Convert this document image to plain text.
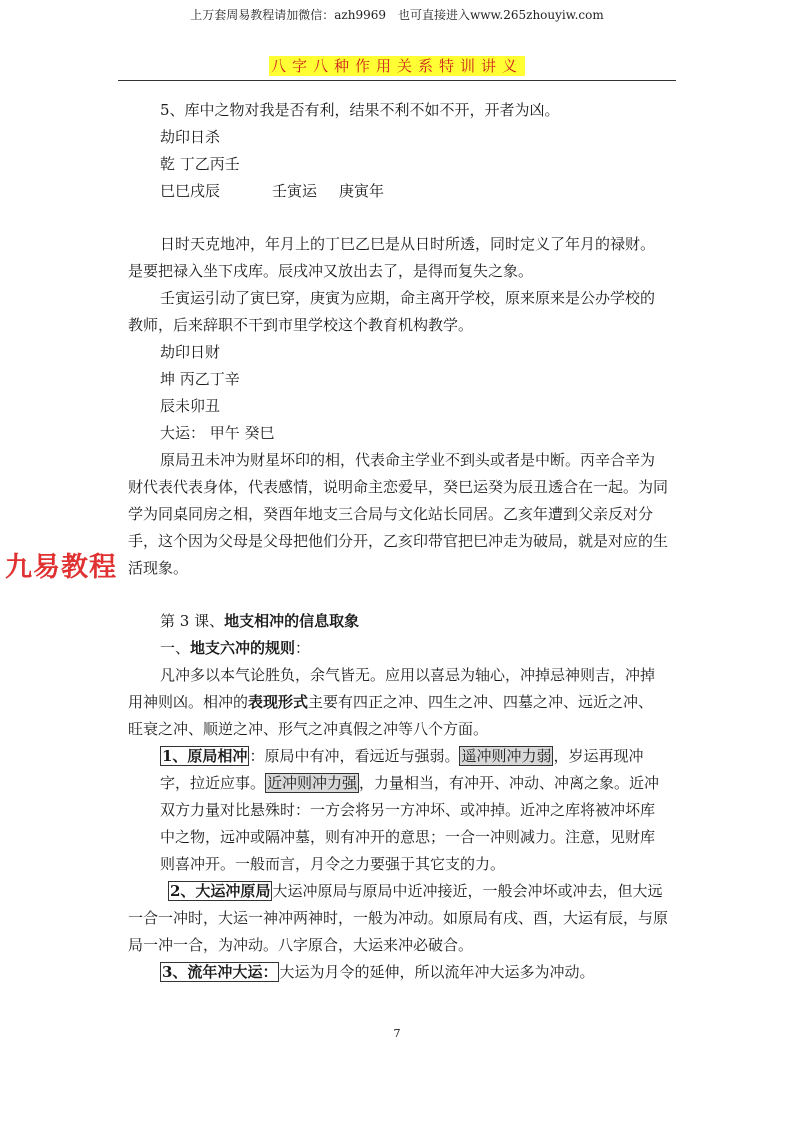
上万套周易教程请加微信：azh9969　也可直接进入www.265zhouyiw.com
八字八种作用关系特训讲义

5、库中之物对我是否有利，结果不利不如不开，开者为凶。

劫印日杀

乾 丁乙丙壬

巳巳戌辰	壬寅运 庚寅年

日时天克地冲，年月上的丁巳乙巳是从日时所透，同时定义了年月的禄财。是要把禄入坐下戌库。辰戌冲又放出去了，是得而复失之象。

壬寅运引动了寅巳穿，庚寅为应期，命主离开学校，原来原来是公办学校的教师，后来辞职不干到市里学校这个教育机构教学。

劫印日财

坤 丙乙丁辛

辰未卯丑

大运： 甲午 癸巳

原局丑未冲为财星坏印的相，代表命主学业不到头或者是中断。丙辛合辛为财代表代表身体，代表感情，说明命主恋爱早，癸巳运癸为辰丑透合在一起。为同学为同桌同房之相，癸酉年地支三合局与文化站长同居。乙亥年遭到父亲反对分手，这个因为父母是父母把他们分开，乙亥印带官把巳冲走为破局，就是对应的生活现象。

第 3 课、地支相冲的信息取象

一、地支六冲的规则：

凡冲多以本气论胜负，余气皆无。应用以喜忌为轴心，冲掉忌神则吉，冲掉用神则凶。相冲的表现形式主要有四正之冲、四生之冲、四墓之冲、远近之冲、旺衰之冲、顺逆之冲、形气之冲真假之冲等八个方面。

1、原局相冲 ：原局中有冲，看远近与强弱。 遥冲则冲力弱 ，岁运再现冲字，拉近应事。 近冲则冲力强 ，力量相当，有冲开、冲动、冲离之象。近冲双方力量对比悬殊时：一方会将另一方冲坏、或冲掉。近冲之库将被冲坏库中之物，远冲或隔冲墓，则有冲开的意思；一合一冲则减力。注意，见财库则喜冲开。一般而言，月令之力要强于其它支的力。

2、大运冲原局 大运冲原局与原局中近冲接近，一般会冲坏或冲去，但大远一合一冲时，大运一神冲两神时，一般为冲动。如原局有戌、酉，大运有辰，与原局一冲一合，为冲动。八字原合，大运来冲必破合。

3、流年冲大运： 大运为月令的延伸，所以流年冲大运多为冲动。

九易教程
7
